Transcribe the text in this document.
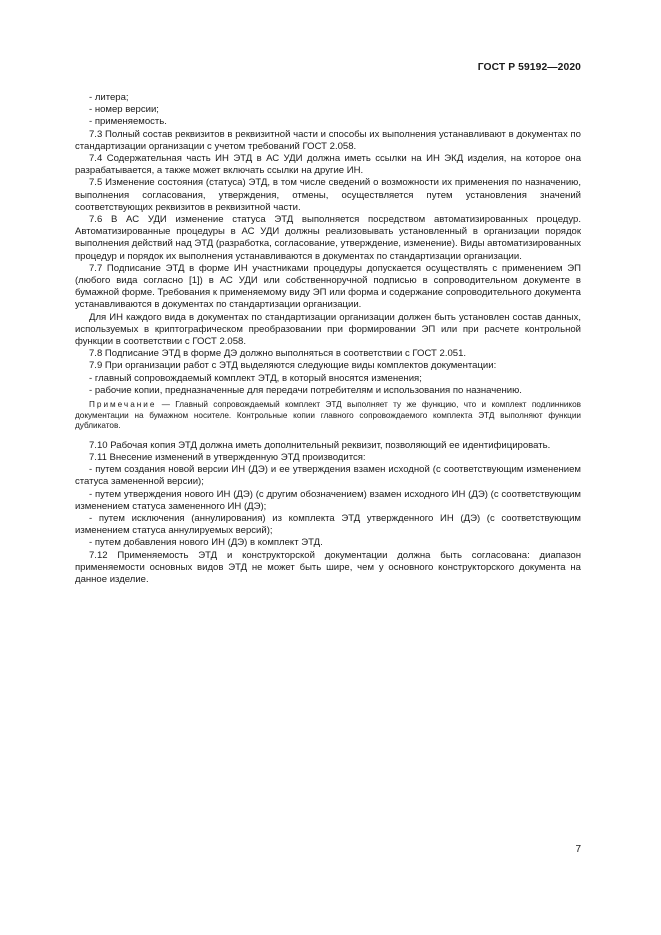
ГОСТ Р 59192—2020

- литера;

- номер версии;

- применяемость.

7.3 Полный состав реквизитов в реквизитной части и способы их выполнения устанавливают в документах по стандартизации организации с учетом требований ГОСТ 2.058.

7.4 Содержательная часть ИН ЭТД в АС УДИ должна иметь ссылки на ИН ЭКД изделия, на которое она разрабатывается, а также может включать ссылки на другие ИН.

7.5 Изменение состояния (статуса) ЭТД, в том числе сведений о возможности их применения по назначению, выполнения согласования, утверждения, отмены, осуществляется путем установления значений соответствующих реквизитов в реквизитной части.

7.6 В АС УДИ изменение статуса ЭТД выполняется посредством автоматизированных процедур. Автоматизированные процедуры в АС УДИ должны реализовывать установленный в организации порядок выполнения действий над ЭТД (разработка, согласование, утверждение, изменение). Виды автоматизированных процедур и порядок их выполнения устанавливаются в документах по стандартизации организации.

7.7 Подписание ЭТД в форме ИН участниками процедуры допускается осуществлять с применением ЭП (любого вида согласно [1]) в АС УДИ или собственноручной подписью в сопроводительном документе в бумажной форме. Требования к применяемому виду ЭП или форма и содержание сопроводительного документа устанавливаются в документах по стандартизации организации.

Для ИН каждого вида в документах по стандартизации организации должен быть установлен состав данных, используемых в криптографическом преобразовании при формировании ЭП или при расчете контрольной функции в соответствии с ГОСТ 2.058.

7.8 Подписание ЭТД в форме ДЭ должно выполняться в соответствии с ГОСТ 2.051.

7.9 При организации работ с ЭТД выделяются следующие виды комплектов документации:

- главный сопровождаемый комплект ЭТД, в который вносятся изменения;

- рабочие копии, предназначенные для передачи потребителям и использования по назначению.

Примечание — Главный сопровождаемый комплект ЭТД выполняет ту же функцию, что и комплект подлинников документации на бумажном носителе. Контрольные копии главного сопровождаемого комплекта ЭТД выполняют функции дубликатов.

7.10 Рабочая копия ЭТД должна иметь дополнительный реквизит, позволяющий ее идентифицировать.

7.11 Внесение изменений в утвержденную ЭТД производится:

- путем создания новой версии ИН (ДЭ) и ее утверждения взамен исходной (с соответствующим изменением статуса замененной версии);

- путем утверждения нового ИН (ДЭ) (с другим обозначением) взамен исходного ИН (ДЭ) (с соответствующим изменением статуса замененного ИН (ДЭ);

- путем исключения (аннулирования) из комплекта ЭТД утвержденного ИН (ДЭ) (с соответствующим изменением статуса аннулируемых версий);

- путем добавления нового ИН (ДЭ) в комплект ЭТД.

7.12 Применяемость ЭТД и конструкторской документации должна быть согласована: диапазон применяемости основных видов ЭТД не может быть шире, чем у основного конструкторского документа на данное изделие.

7
